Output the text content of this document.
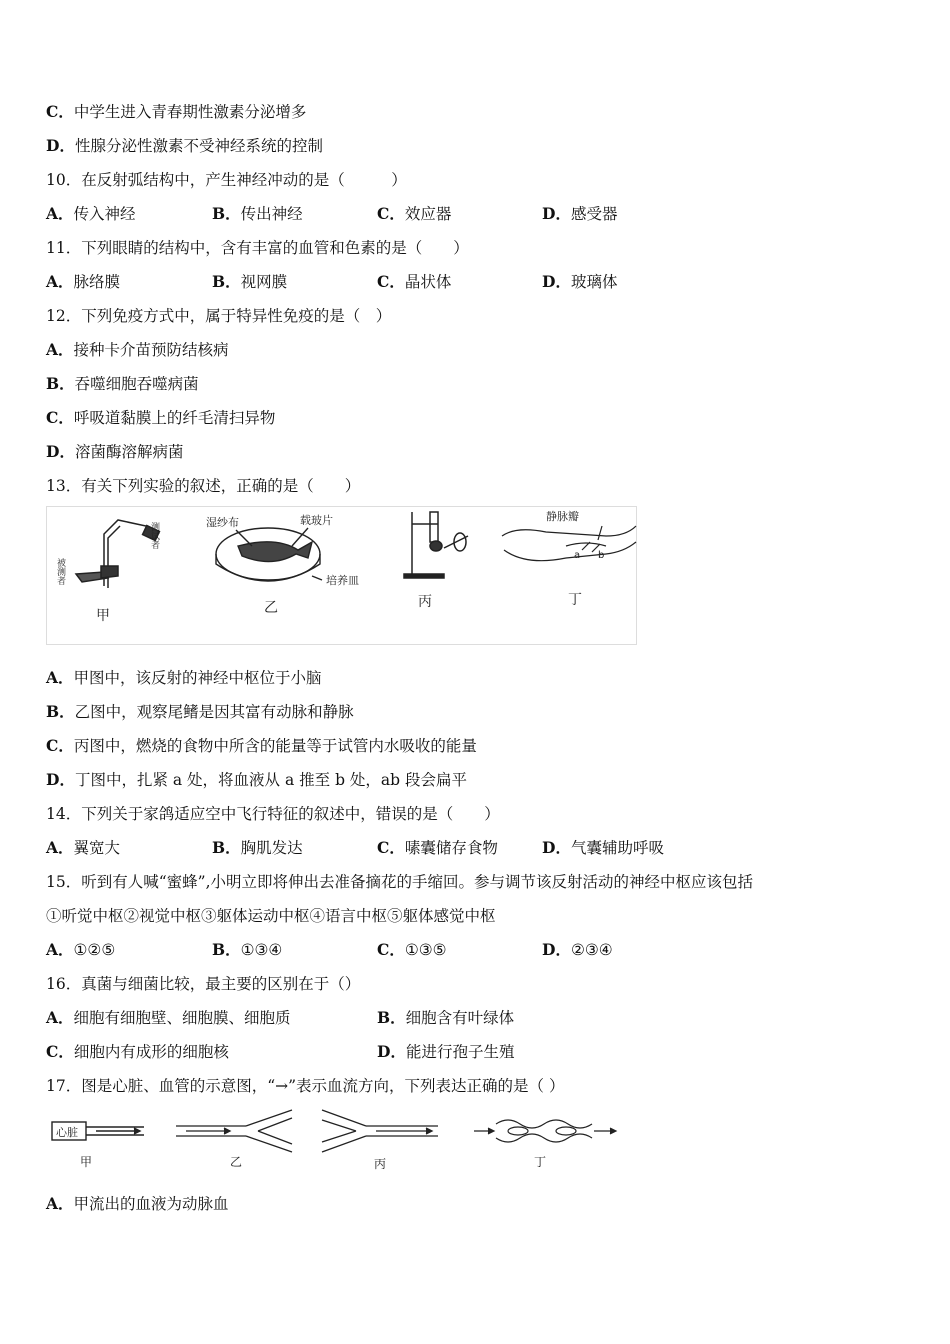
C．中学生进入青春期性激素分泌增多
D．性腺分泌性激素不受神经系统的控制
10．在反射弧结构中，产生神经冲动的是（　　　）
A．传入神经	B．传出神经	C．效应器	D．感受器
11．下列眼睛的结构中，含有丰富的血管和色素的是（　　）
A．脉络膜	B．视网膜	C．晶状体	D．玻璃体
12．下列免疫方式中，属于特异性免疫的是（　）
A．接种卡介苗预防结核病
B．吞噬细胞吞噬病菌
C．呼吸道黏膜上的纤毛清扫异物
D．溶菌酶溶解病菌
13．有关下列实验的叙述，正确的是（　　）
测试者
被测者
甲
湿纱布	载玻片
培养皿
乙	丙
静脉瓣
a b
丁
A．甲图中，该反射的神经中枢位于小脑
B．乙图中，观察尾鳍是因其富有动脉和静脉
C．丙图中，燃烧的食物中所含的能量等于试管内水吸收的能量
D．丁图中，扎紧 a 处，将血液从 a 推至 b 处，ab 段会扁平
14．下列关于家鸽适应空中飞行特征的叙述中，错误的是（　　）
A．翼宽大	B．胸肌发达	C．嗉囊储存食物	D．气囊辅助呼吸
15．听到有人喊“蜜蜂”,小明立即将伸出去准备摘花的手缩回。参与调节该反射活动的神经中枢应该包括
①听觉中枢②视觉中枢③躯体运动中枢④语言中枢⑤躯体感觉中枢
A．①②⑤	B．①③④	C．①③⑤	D．②③④
16．真菌与细菌比较，最主要的区别在于（）
A．细胞有细胞壁、细胞膜、细胞质	B．细胞含有叶绿体
C．细胞内有成形的细胞核	D．能进行孢子生殖
17．图是心脏、血管的示意图，“→”表示血流方向，下列表达正确的是（ ）
心脏
甲	乙	丙	丁
A．甲流出的血液为动脉血
